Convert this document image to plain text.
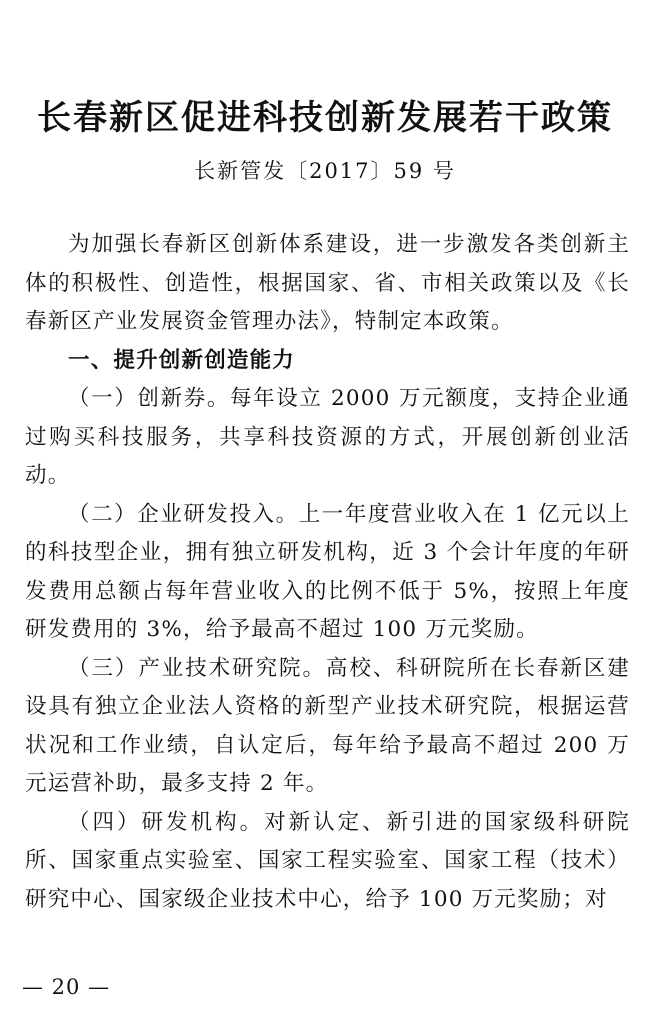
长春新区促进科技创新发展若干政策
长新管发〔2017〕59 号

为加强长春新区创新体系建设，进一步激发各类创新主体的积极性、创造性，根据国家、省、市相关政策以及《长春新区产业发展资金管理办法》，特制定本政策。

一、提升创新创造能力

（一）创新券。每年设立 2000 万元额度，支持企业通过购买科技服务，共享科技资源的方式，开展创新创业活动。

（二）企业研发投入。上一年度营业收入在 1 亿元以上的科技型企业，拥有独立研发机构，近 3 个会计年度的年研发费用总额占每年营业收入的比例不低于 5%，按照上年度研发费用的 3%，给予最高不超过 100 万元奖励。

（三）产业技术研究院。高校、科研院所在长春新区建设具有独立企业法人资格的新型产业技术研究院，根据运营状况和工作业绩，自认定后，每年给予最高不超过 200 万元运营补助，最多支持 2 年。

（四）研发机构。对新认定、新引进的国家级科研院所、国家重点实验室、国家工程实验室、国家工程（技术）研究中心、国家级企业技术中心，给予 100 万元奖励；对

— 20 —
